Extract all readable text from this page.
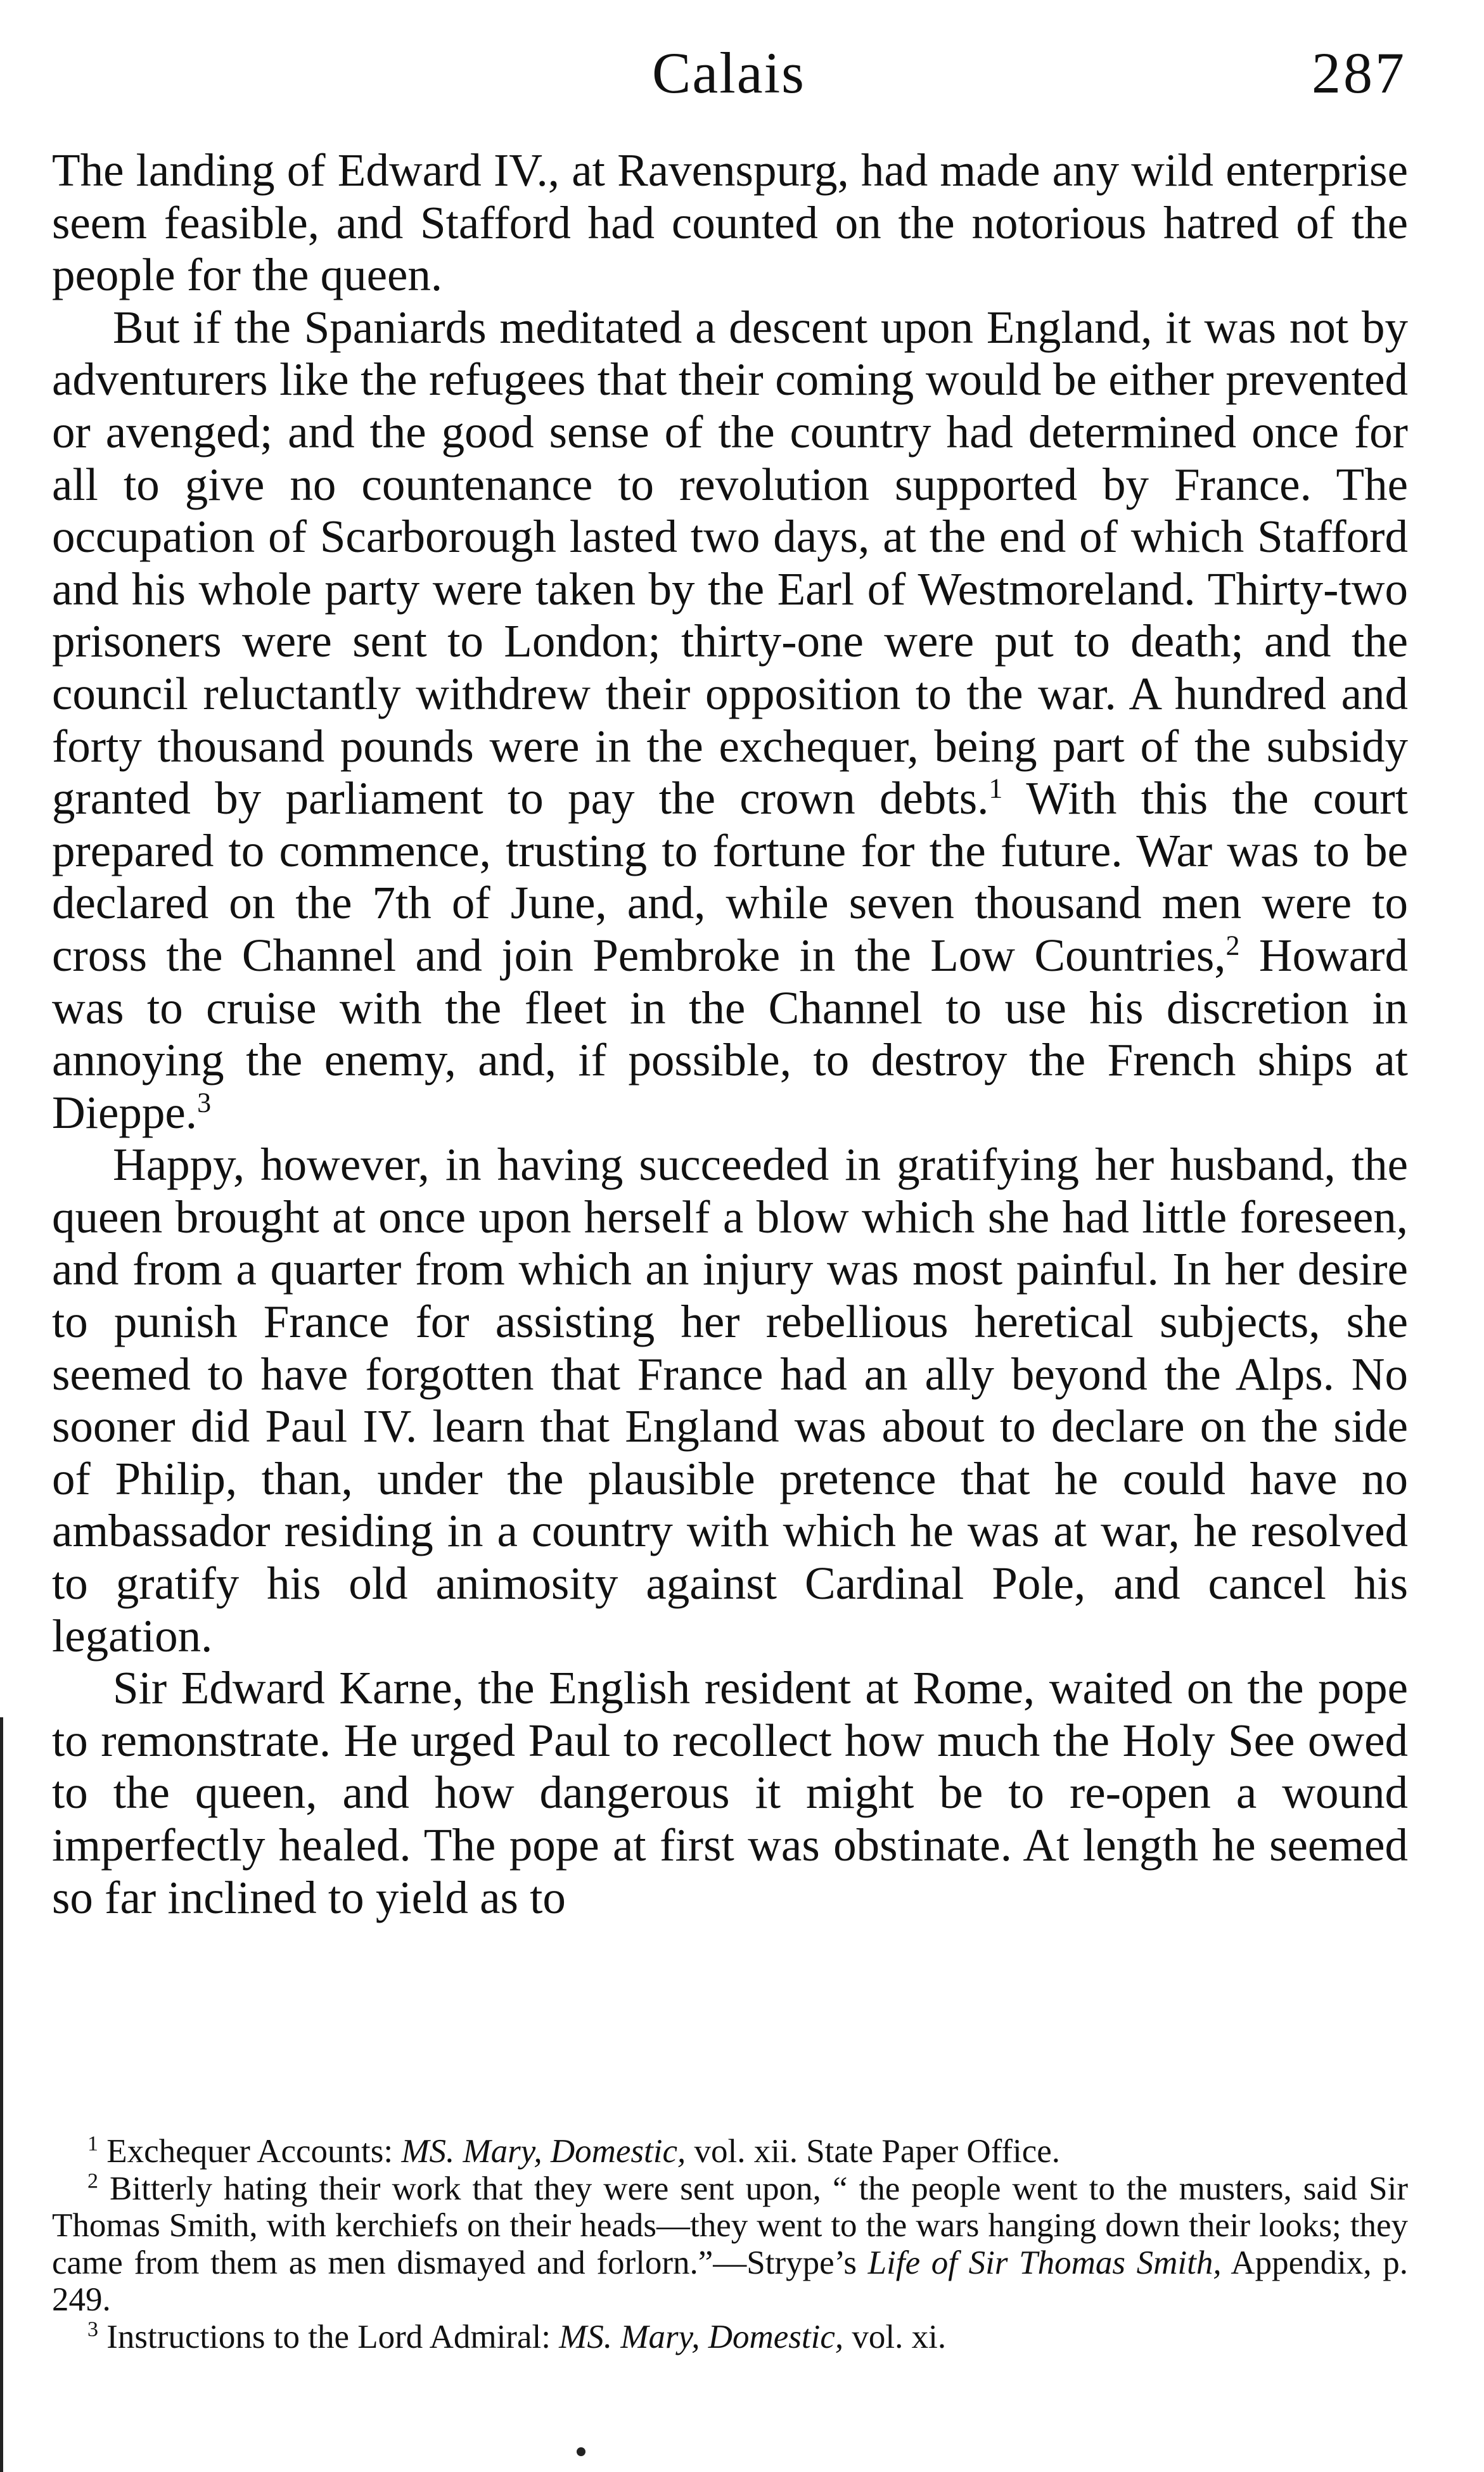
Calais	287

The landing of Edward IV., at Ravenspurg, had made any wild enterprise seem feasible, and Stafford had counted on the notorious hatred of the people for the queen.

But if the Spaniards meditated a descent upon England, it was not by adventurers like the refugees that their coming would be either prevented or avenged; and the good sense of the country had determined once for all to give no countenance to revolution supported by France. The occupation of Scarborough lasted two days, at the end of which Stafford and his whole party were taken by the Earl of Westmoreland. Thirty-two prisoners were sent to London; thirty-one were put to death; and the council reluctantly withdrew their opposition to the war. A hundred and forty thousand pounds were in the exchequer, being part of the subsidy granted by parliament to pay the crown debts.$^1$ With this the court prepared to commence, trusting to fortune for the future. War was to be declared on the 7th of June, and, while seven thousand men were to cross the Channel and join Pembroke in the Low Countries,$^2$ Howard was to cruise with the fleet in the Channel to use his discretion in annoying the enemy, and, if possible, to destroy the French ships at Dieppe.$^3$

Happy, however, in having succeeded in gratifying her husband, the queen brought at once upon herself a blow which she had little foreseen, and from a quarter from which an injury was most painful. In her desire to punish France for assisting her rebellious heretical subjects, she seemed to have forgotten that France had an ally beyond the Alps. No sooner did Paul IV. learn that England was about to declare on the side of Philip, than, under the plausible pretence that he could have no ambassador residing in a country with which he was at war, he resolved to gratify his old animosity against Cardinal Pole, and cancel his legation.

Sir Edward Karne, the English resident at Rome, waited on the pope to remonstrate. He urged Paul to recollect how much the Holy See owed to the queen, and how dangerous it might be to re-open a wound imperfectly healed. The pope at first was obstinate. At length he seemed so far inclined to yield as to

$^1$ Exchequer Accounts: MS. Mary, Domestic, vol. xii. State Paper Office.

$^2$ Bitterly hating their work that they were sent upon, “ the people went to the musters, said Sir Thomas Smith, with kerchiefs on their heads—they went to the wars hanging down their looks; they came from them as men dismayed and forlorn.”—Strype’s Life of Sir Thomas Smith, Appendix, p. 249.

$^3$ Instructions to the Lord Admiral: MS. Mary, Domestic, vol. xi.
